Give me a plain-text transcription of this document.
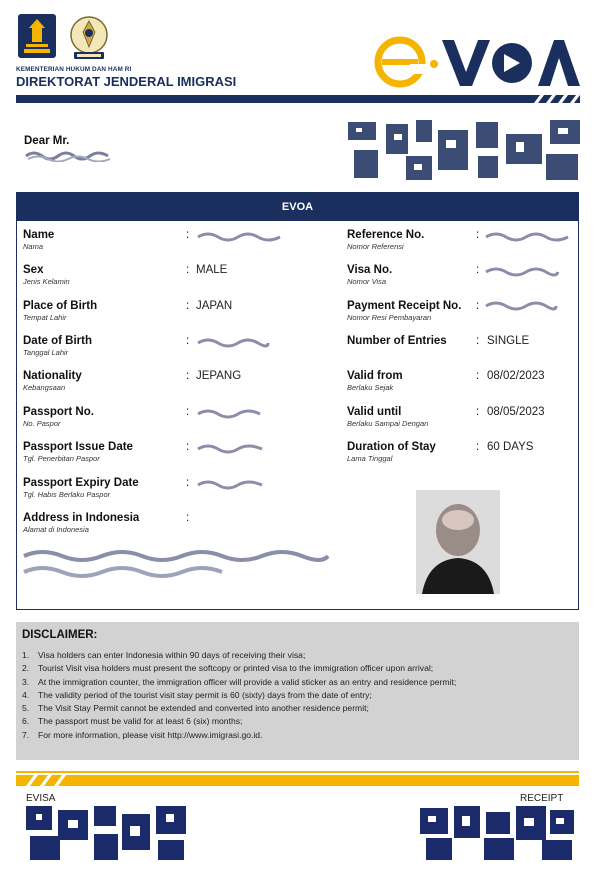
KEMENTERIAN HUKUM DAN HAM RI
DIREKTORAT JENDERAL IMIGRASI
Dear Mr.
EVOA
Name
Nama
:
Sex
Jenis Kelamin
: MALE
Place of Birth
Tempat Lahir
: JAPAN
Date of Birth
Tanggal Lahir
:
Nationality
Kebangsaan
: JEPANG
Passport No.
No. Paspor
:
Passport Issue Date
Tgl. Penerbitan Paspor
:
Passport Expiry Date
Tgl. Habis Berlaku Paspor
:
Address in Indonesia
Alamat di Indonesia
:
Reference No.
Nomor Referensi
:
Visa No.
Nomor Visa
:
Payment Receipt No.
Nomor Resi Pembayaran
:
Number of Entries	: SINGLE
Valid from
Berlaku Sejak
: 08/02/2023
Valid until
Berlaku Sampai Dengan
: 08/05/2023
Duration of Stay
Lama Tinggal
: 60 DAYS
DISCLAIMER:
1. Visa holders can enter Indonesia within 90 days of receiving their visa;
2. Tourist Visit visa holders must present the softcopy or printed visa to the immigration officer upon arrival;
3. At the immigration counter, the immigration officer will provide a valid sticker as an entry and residence permit;
4. The validity period of the tourist visit stay permit is 60 (sixty) days from the date of entry;
5. The Visit Stay Permit cannot be extended and converted into another residence permit;
6. The passport must be valid for at least 6 (six) months;
7. For more information, please visit http://www.imigrasi.go.id.
EVISA	RECEIPT
